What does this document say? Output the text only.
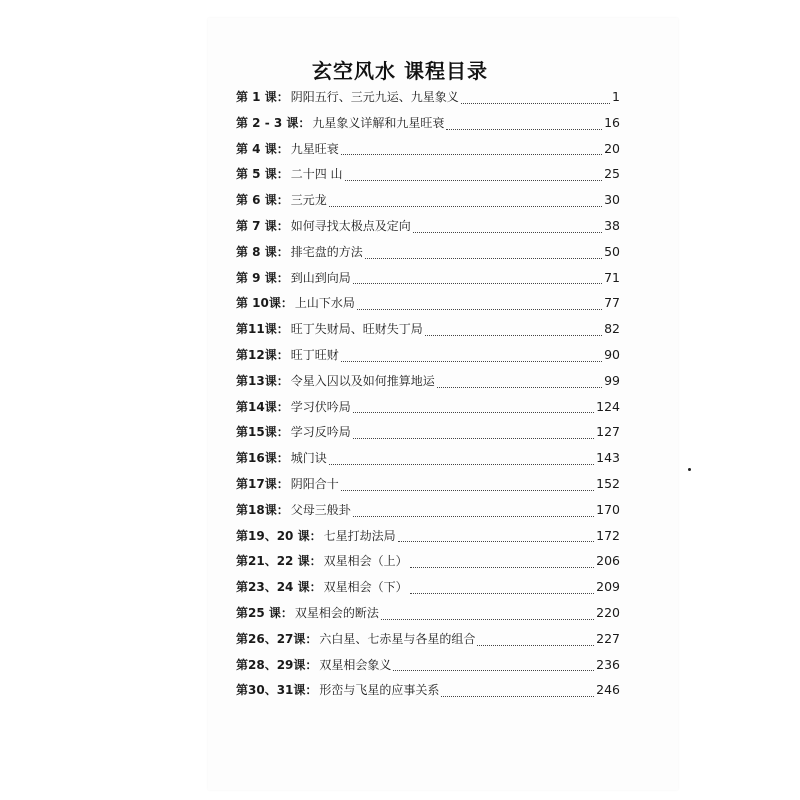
玄空风水 课程目录
第 1 课： 阴阳五行、三元九运、九星象义	1
第 2 - 3 课： 九星象义详解和九星旺衰	16
第 4 课： 九星旺衰	20
第 5 课： 二十四 山	25
第 6 课： 三元龙	30
第 7 课： 如何寻找太极点及定向	38
第 8 课： 排宅盘的方法	50
第 9 课： 到山到向局	71
第 10课： 上山下水局	77
第11课： 旺丁失财局、旺财失丁局	82
第12课： 旺丁旺财	90
第13课： 令星入囚以及如何推算地运	99
第14课： 学习伏吟局	124
第15课： 学习反吟局	127
第16课： 城门诀	143
第17课： 阴阳合十	152
第18课： 父母三般卦	170
第19、20 课： 七星打劫法局	172
第21、22 课： 双星相会（上）	206
第23、24 课： 双星相会（下）	209
第25 课： 双星相会的断法	220
第26、27课： 六白星、七赤星与各星的组合	227
第28、29课： 双星相会象义	236
第30、31课： 形峦与飞星的应事关系	246
